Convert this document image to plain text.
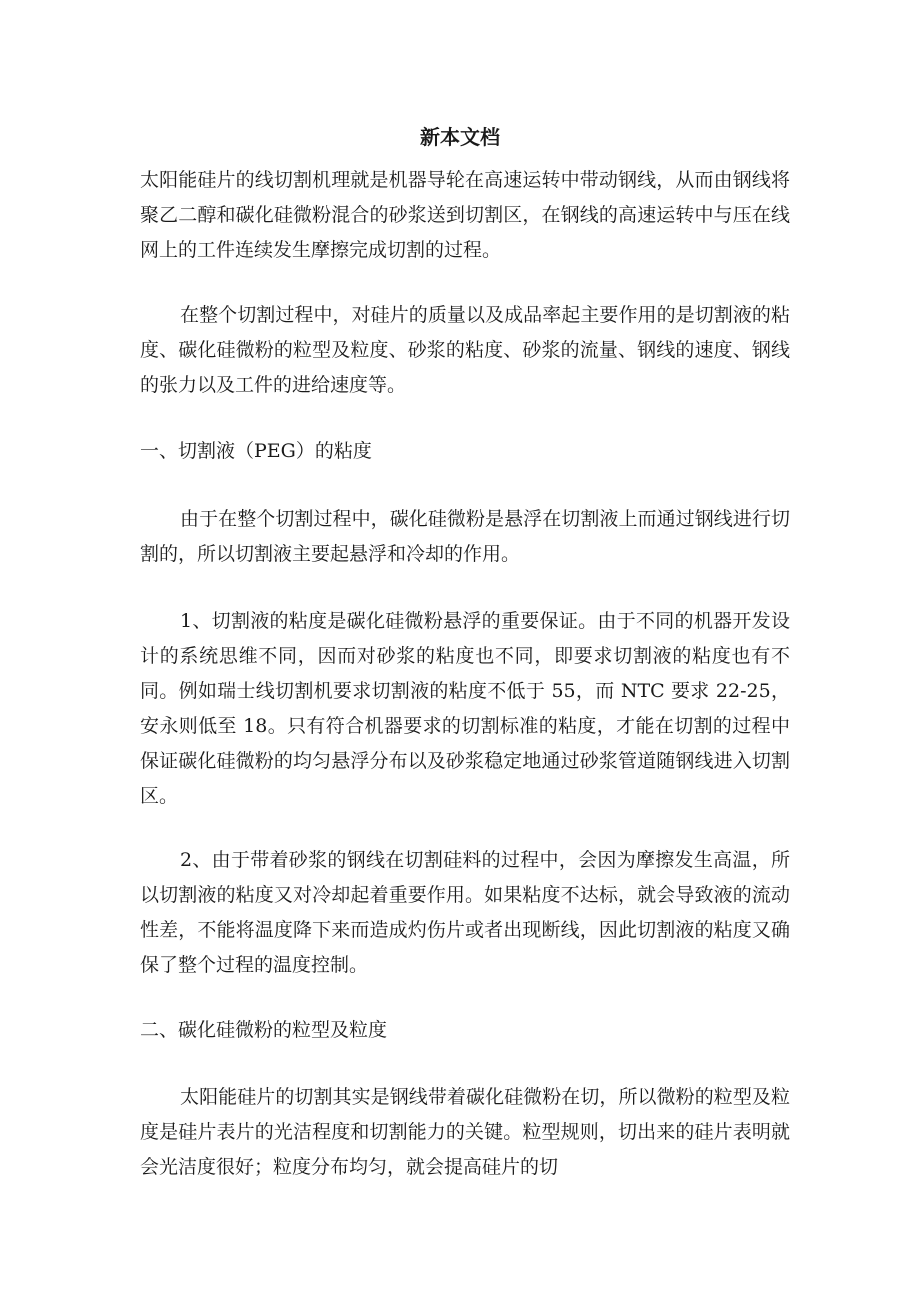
新本文档

太阳能硅片的线切割机理就是机器导轮在高速运转中带动钢线，从而由钢线将聚乙二醇和碳化硅微粉混合的砂浆送到切割区，在钢线的高速运转中与压在线网上的工件连续发生摩擦完成切割的过程。

在整个切割过程中，对硅片的质量以及成品率起主要作用的是切割液的粘度、碳化硅微粉的粒型及粒度、砂浆的粘度、砂浆的流量、钢线的速度、钢线的张力以及工件的进给速度等。

一、切割液（PEG）的粘度

由于在整个切割过程中，碳化硅微粉是悬浮在切割液上而通过钢线进行切割的，所以切割液主要起悬浮和冷却的作用。

1、切割液的粘度是碳化硅微粉悬浮的重要保证。由于不同的机器开发设计的系统思维不同，因而对砂浆的粘度也不同，即要求切割液的粘度也有不同。例如瑞士线切割机要求切割液的粘度不低于 55，而 NTC 要求 22-25，安永则低至 18。只有符合机器要求的切割标准的粘度，才能在切割的过程中保证碳化硅微粉的均匀悬浮分布以及砂浆稳定地通过砂浆管道随钢线进入切割区。

2、由于带着砂浆的钢线在切割硅料的过程中，会因为摩擦发生高温，所以切割液的粘度又对冷却起着重要作用。如果粘度不达标，就会导致液的流动性差，不能将温度降下来而造成灼伤片或者出现断线，因此切割液的粘度又确保了整个过程的温度控制。

二、碳化硅微粉的粒型及粒度

太阳能硅片的切割其实是钢线带着碳化硅微粉在切，所以微粉的粒型及粒度是硅片表片的光洁程度和切割能力的关键。粒型规则，切出来的硅片表明就会光洁度很好；粒度分布均匀，就会提高硅片的切
